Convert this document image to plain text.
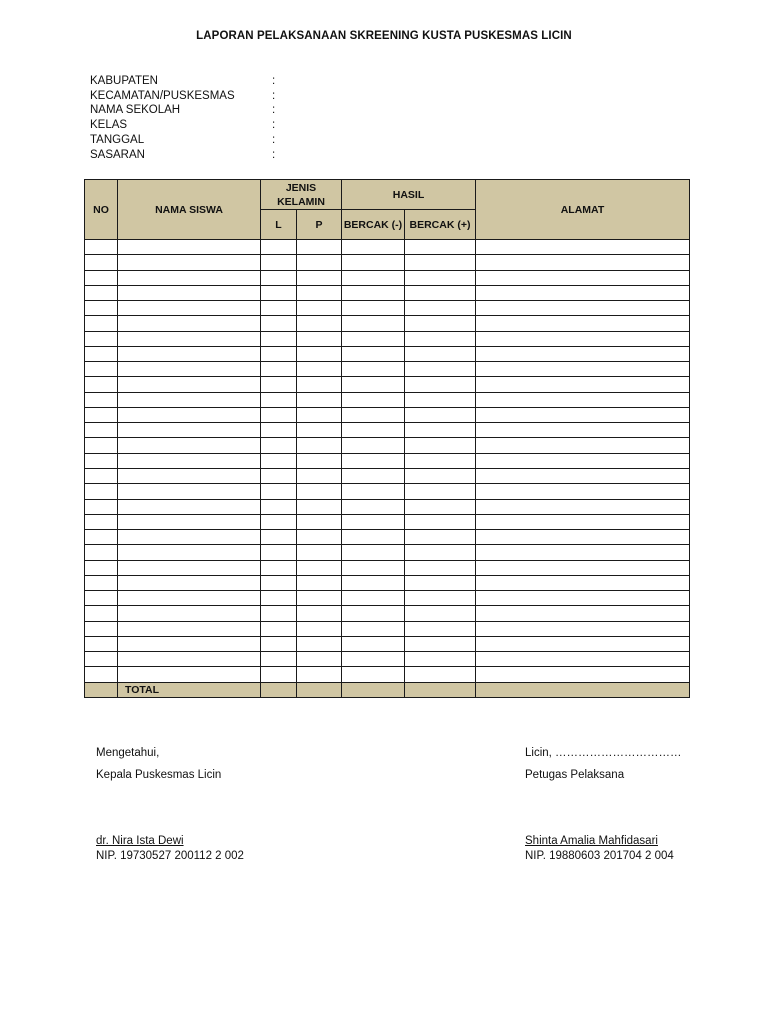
LAPORAN PELAKSANAAN SKREENING KUSTA PUSKESMAS LICIN
KABUPATEN	:
KECAMATAN/PUSKESMAS	:
NAMA SEKOLAH	:
KELAS	:
TANGGAL	:
SASARAN	:
NO	NAMA SISWA	JENIS KELAMIN		HASIL		ALAMAT
		L	P	BERCAK (-)	BERCAK (+)	

	TOTAL					
Mengetahui,
Kepala Puskesmas Licin
dr. Nira Ista Dewi
NIP. 19730527 200112 2 002
Licin, ……………………………
Petugas Pelaksana
Shinta Amalia Mahfidasari
NIP. 19880603 201704 2 004
